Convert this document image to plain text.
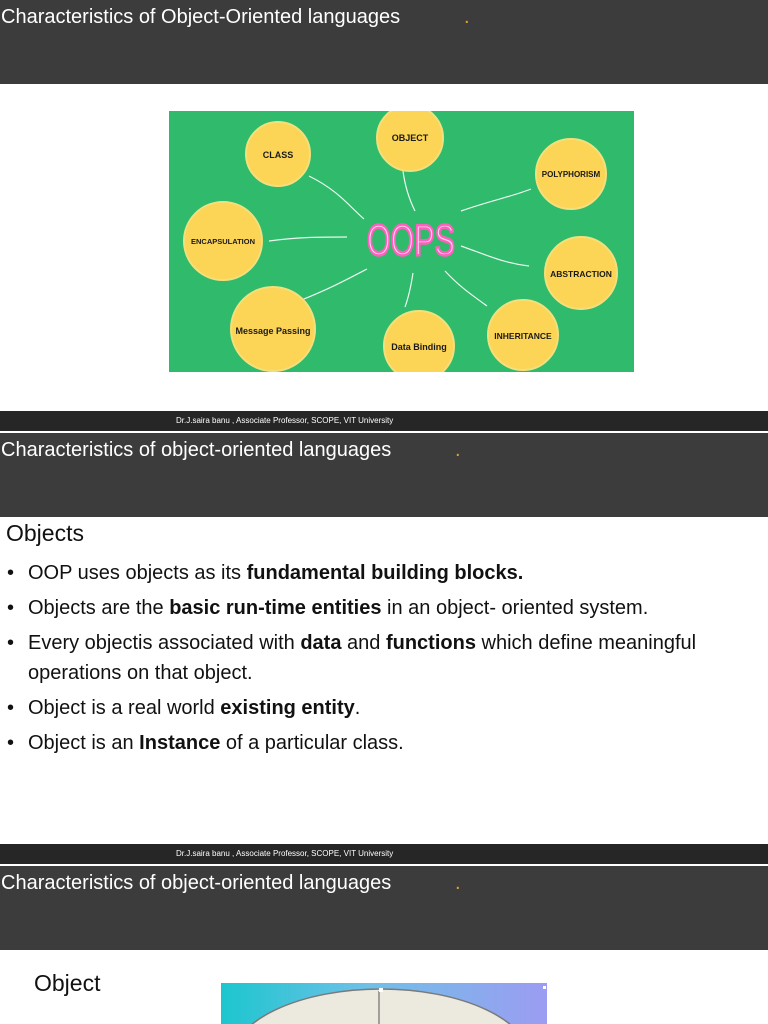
Characteristics of Object-Oriented languages	.
CLASS
OBJECT
POLYPHORISM
ENCAPSULATION
ABSTRACTION
Message Passing
Data Binding
INHERITANCE
OOPS
Dr.J.saira banu , Associate Professor, SCOPE, VIT University
Characteristics of object-oriented languages	.
Objects
• OOP uses objects as its fundamental building blocks.
• Objects are the basic run-time entities in an object- oriented system.
• Every objectis associated with data and functions which define meaningful operations on that object.
• Object is a real world existing entity.
• Object is an Instance of a particular class.
Dr.J.saira banu , Associate Professor, SCOPE, VIT University
Characteristics of object-oriented languages	.
Object
